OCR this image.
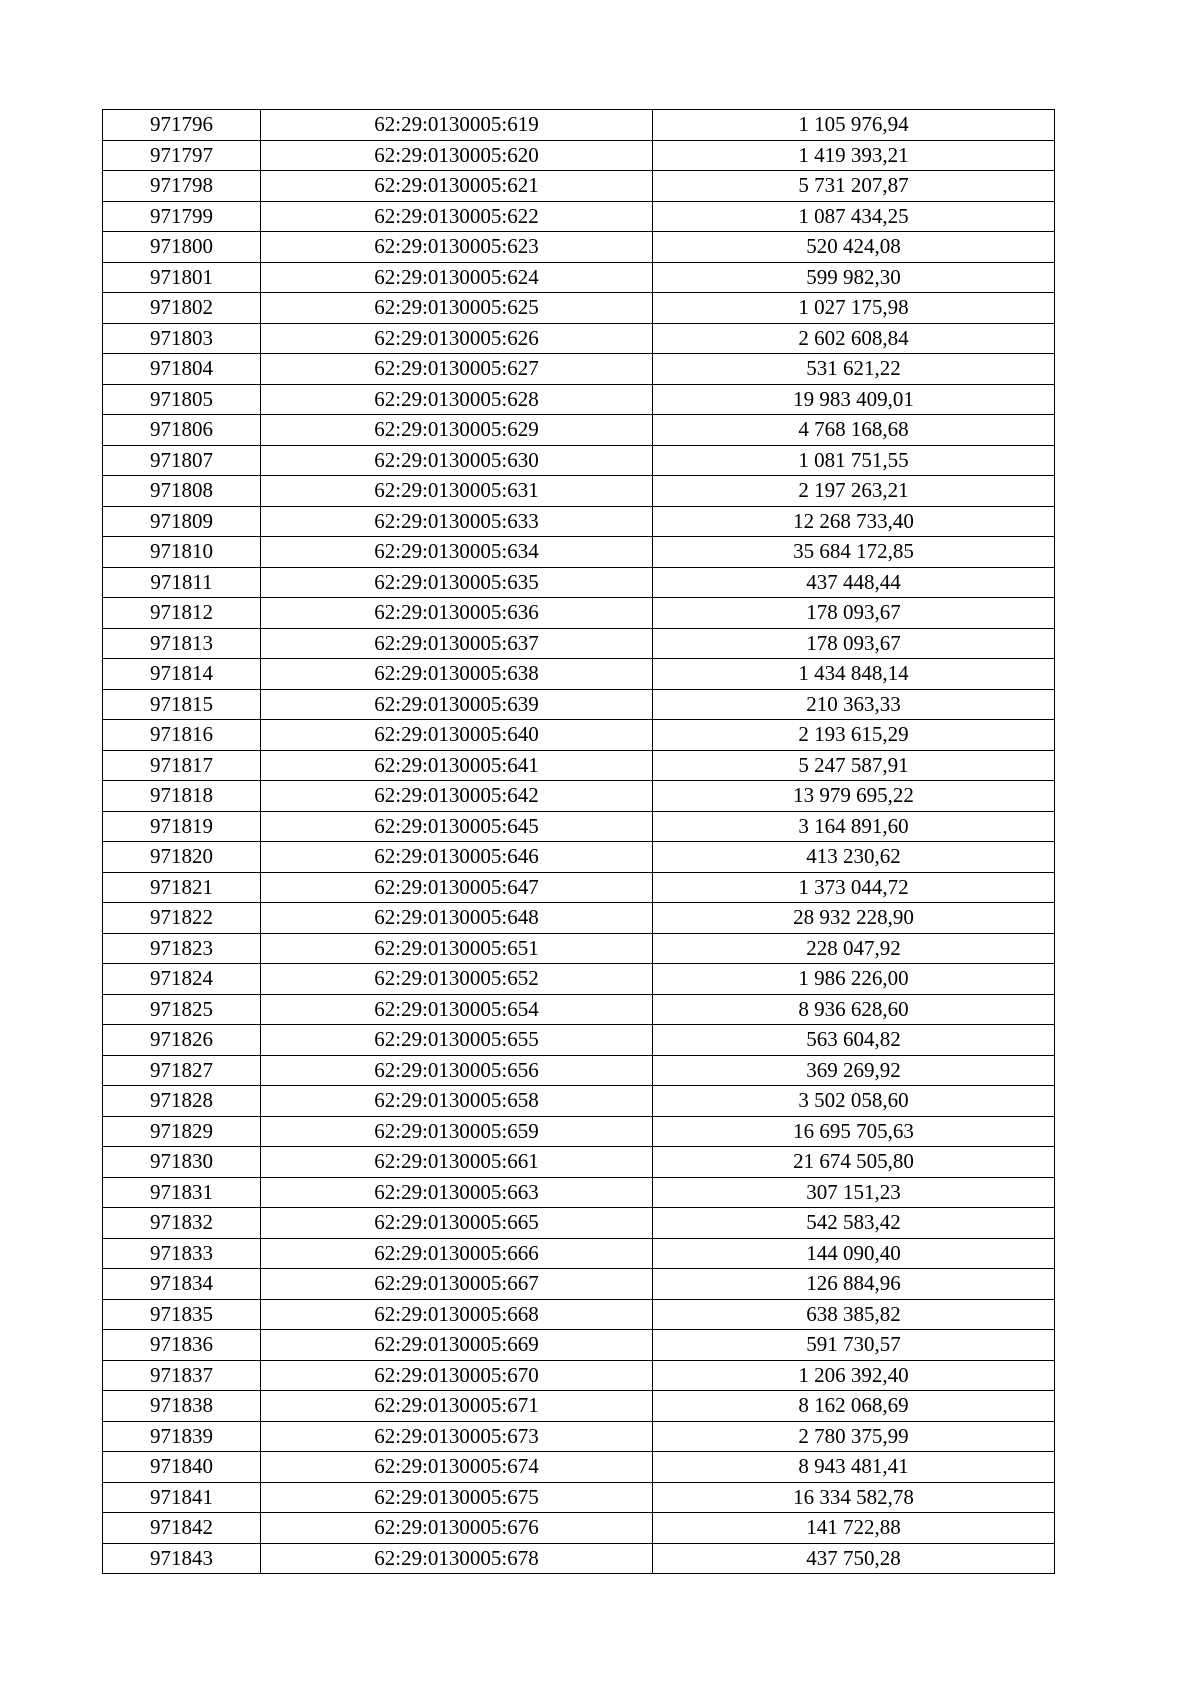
971796	62:29:0130005:619	1 105 976,94
971797	62:29:0130005:620	1 419 393,21
971798	62:29:0130005:621	5 731 207,87
971799	62:29:0130005:622	1 087 434,25
971800	62:29:0130005:623	520 424,08
971801	62:29:0130005:624	599 982,30
971802	62:29:0130005:625	1 027 175,98
971803	62:29:0130005:626	2 602 608,84
971804	62:29:0130005:627	531 621,22
971805	62:29:0130005:628	19 983 409,01
971806	62:29:0130005:629	4 768 168,68
971807	62:29:0130005:630	1 081 751,55
971808	62:29:0130005:631	2 197 263,21
971809	62:29:0130005:633	12 268 733,40
971810	62:29:0130005:634	35 684 172,85
971811	62:29:0130005:635	437 448,44
971812	62:29:0130005:636	178 093,67
971813	62:29:0130005:637	178 093,67
971814	62:29:0130005:638	1 434 848,14
971815	62:29:0130005:639	210 363,33
971816	62:29:0130005:640	2 193 615,29
971817	62:29:0130005:641	5 247 587,91
971818	62:29:0130005:642	13 979 695,22
971819	62:29:0130005:645	3 164 891,60
971820	62:29:0130005:646	413 230,62
971821	62:29:0130005:647	1 373 044,72
971822	62:29:0130005:648	28 932 228,90
971823	62:29:0130005:651	228 047,92
971824	62:29:0130005:652	1 986 226,00
971825	62:29:0130005:654	8 936 628,60
971826	62:29:0130005:655	563 604,82
971827	62:29:0130005:656	369 269,92
971828	62:29:0130005:658	3 502 058,60
971829	62:29:0130005:659	16 695 705,63
971830	62:29:0130005:661	21 674 505,80
971831	62:29:0130005:663	307 151,23
971832	62:29:0130005:665	542 583,42
971833	62:29:0130005:666	144 090,40
971834	62:29:0130005:667	126 884,96
971835	62:29:0130005:668	638 385,82
971836	62:29:0130005:669	591 730,57
971837	62:29:0130005:670	1 206 392,40
971838	62:29:0130005:671	8 162 068,69
971839	62:29:0130005:673	2 780 375,99
971840	62:29:0130005:674	8 943 481,41
971841	62:29:0130005:675	16 334 582,78
971842	62:29:0130005:676	141 722,88
971843	62:29:0130005:678	437 750,28
